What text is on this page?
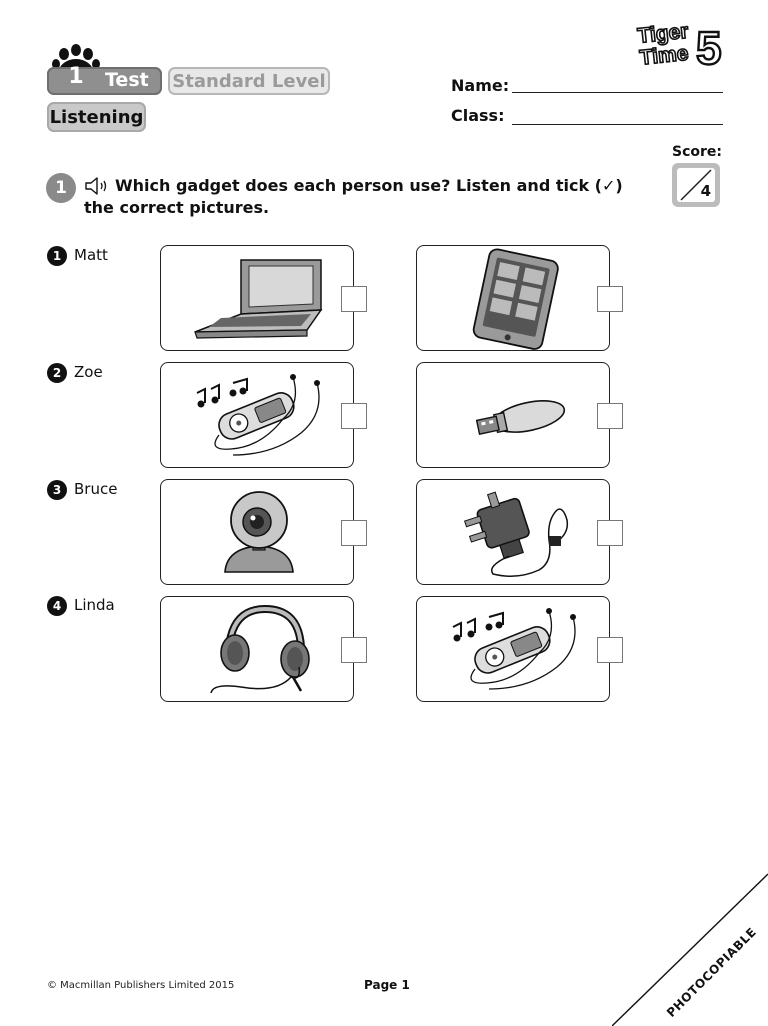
Tiger
Time 5
1	Test Standard Level
Listening
Name:
Class:
Score:
4
1	Which gadget does each person use? Listen and tick (✓)
the correct pictures.
1 Matt
2 Zoe
3 Bruce
4 Linda
© Macmillan Publishers Limited 2015	Page 1	PHOTOCOPIABLE
